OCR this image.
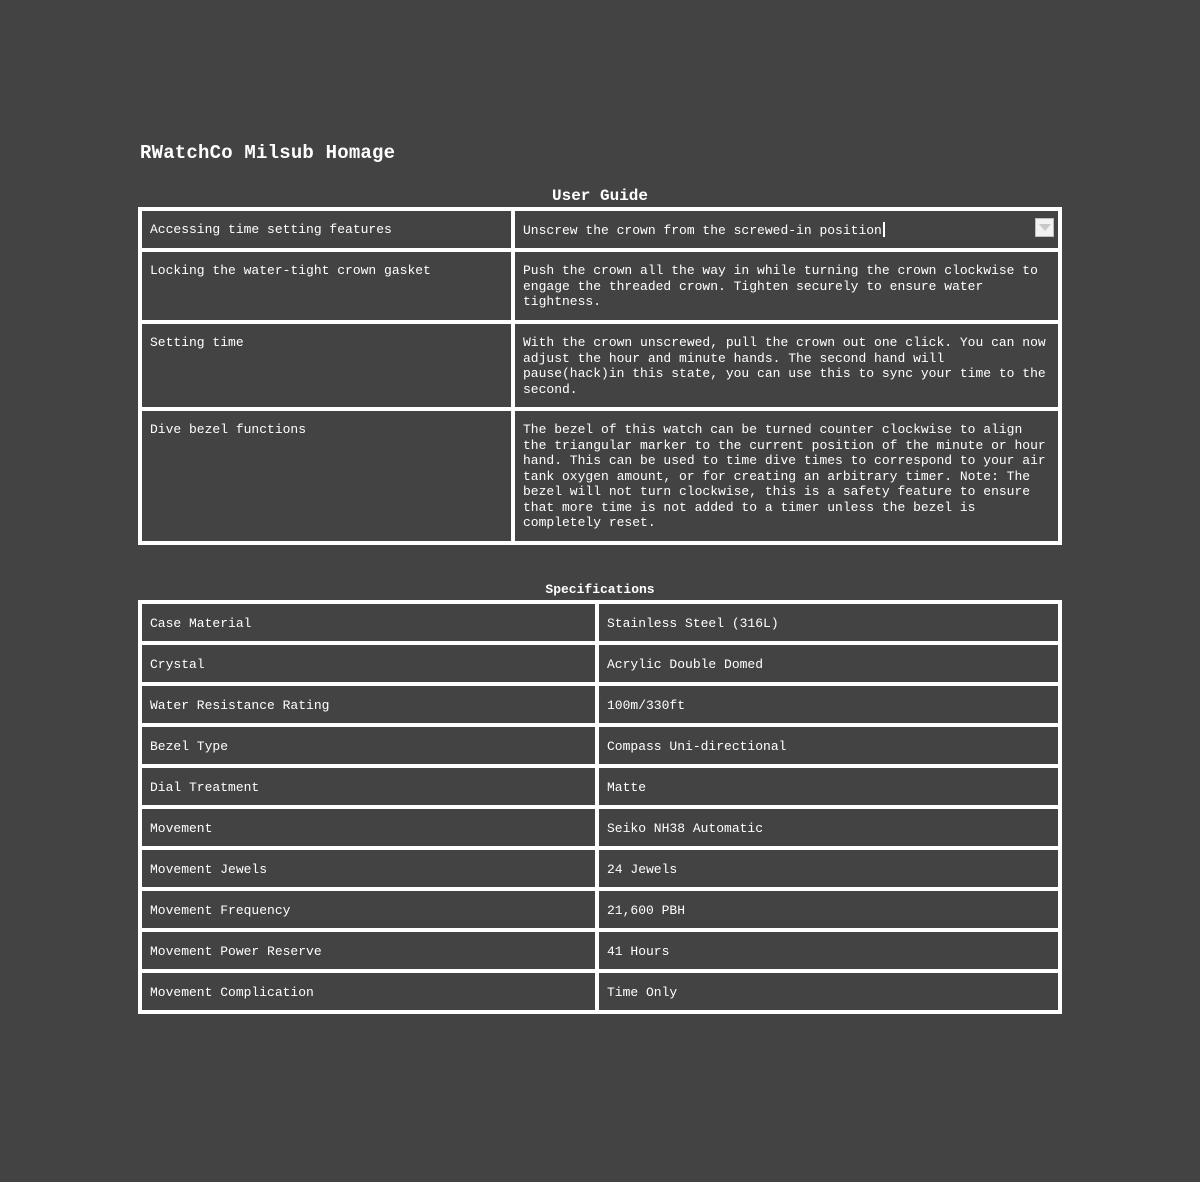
RWatchCo Milsub Homage
User Guide
Accessing time setting features	Unscrew the crown from the screwed-in position

Locking the water-tight crown gasket	Push the crown all the way in while turning the crown clockwise to engage the threaded crown. Tighten securely to ensure water tightness.
Setting time	With the crown unscrewed, pull the crown out one click. You can now adjust the hour and minute hands. The second hand will pause(hack)in this state, you can use this to sync your time to the second.
Dive bezel functions	The bezel of this watch can be turned counter clockwise to align the triangular marker to the current position of the minute or hour hand. This can be used to time dive times to correspond to your air tank oxygen amount, or for creating an arbitrary timer. Note: The bezel will not turn clockwise, this is a safety feature to ensure that more time is not added to a timer unless the bezel is completely reset.
Specifications
Case Material	Stainless Steel (316L)
Crystal	Acrylic Double Domed
Water Resistance Rating	100m/330ft
Bezel Type	Compass Uni-directional
Dial Treatment	Matte
Movement	Seiko NH38 Automatic
Movement Jewels	24 Jewels
Movement Frequency	21,600 PBH
Movement Power Reserve	41 Hours
Movement Complication	Time Only
